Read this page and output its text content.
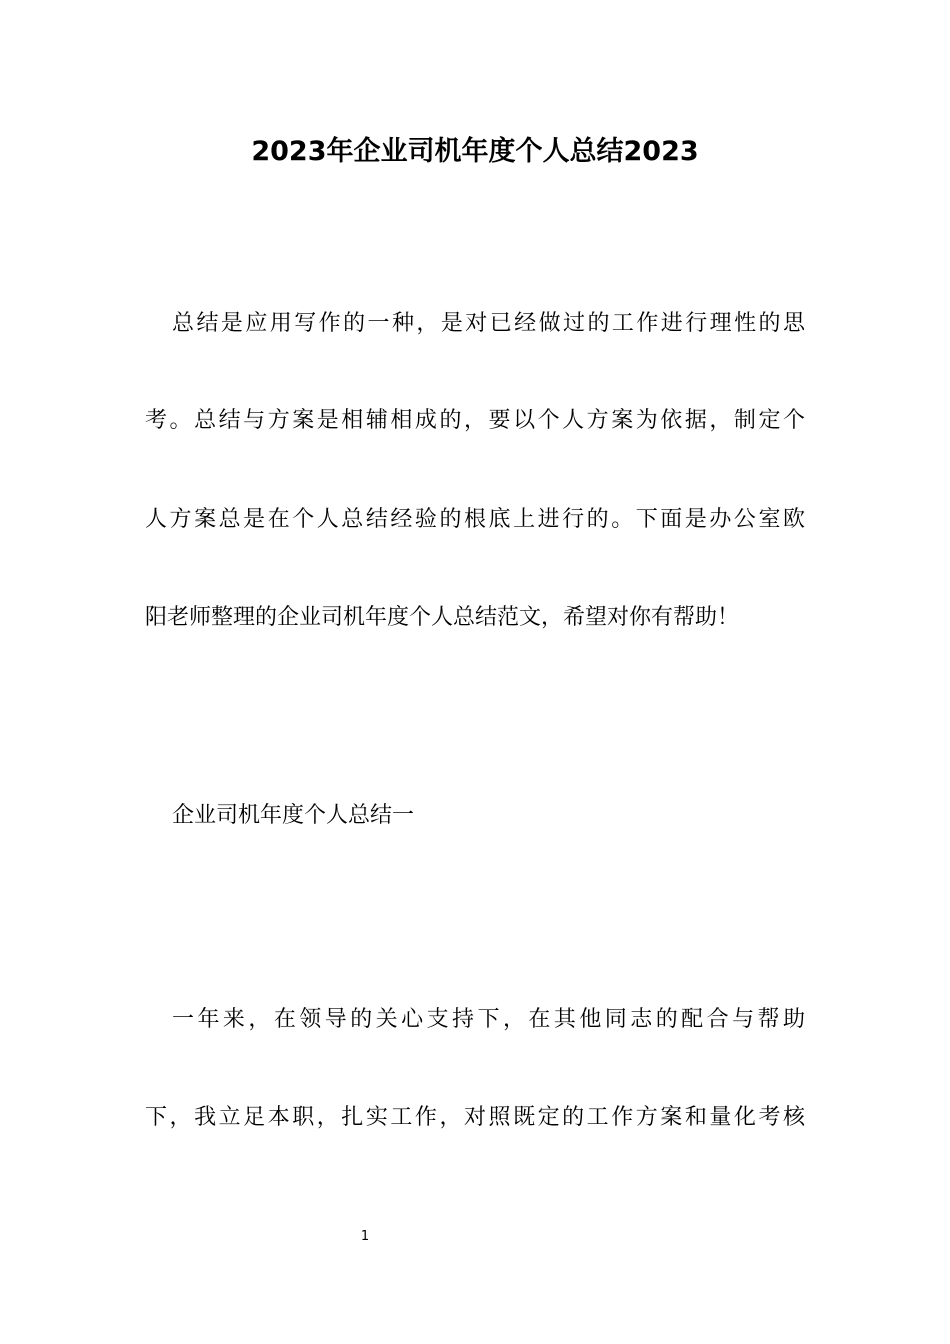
2023年企业司机年度个人总结2023
总结是应用写作的一种，是对已经做过的工作进行理性的思
考。总结与方案是相辅相成的，要以个人方案为依据，制定个
人方案总是在个人总结经验的根底上进行的。下面是办公室欧
阳老师整理的企业司机年度个人总结范文，希望对你有帮助！
企业司机年度个人总结一
一年来，在领导的关心支持下，在其他同志的配合与帮助
下，我立足本职，扎实工作，对照既定的工作方案和量化考核
1
